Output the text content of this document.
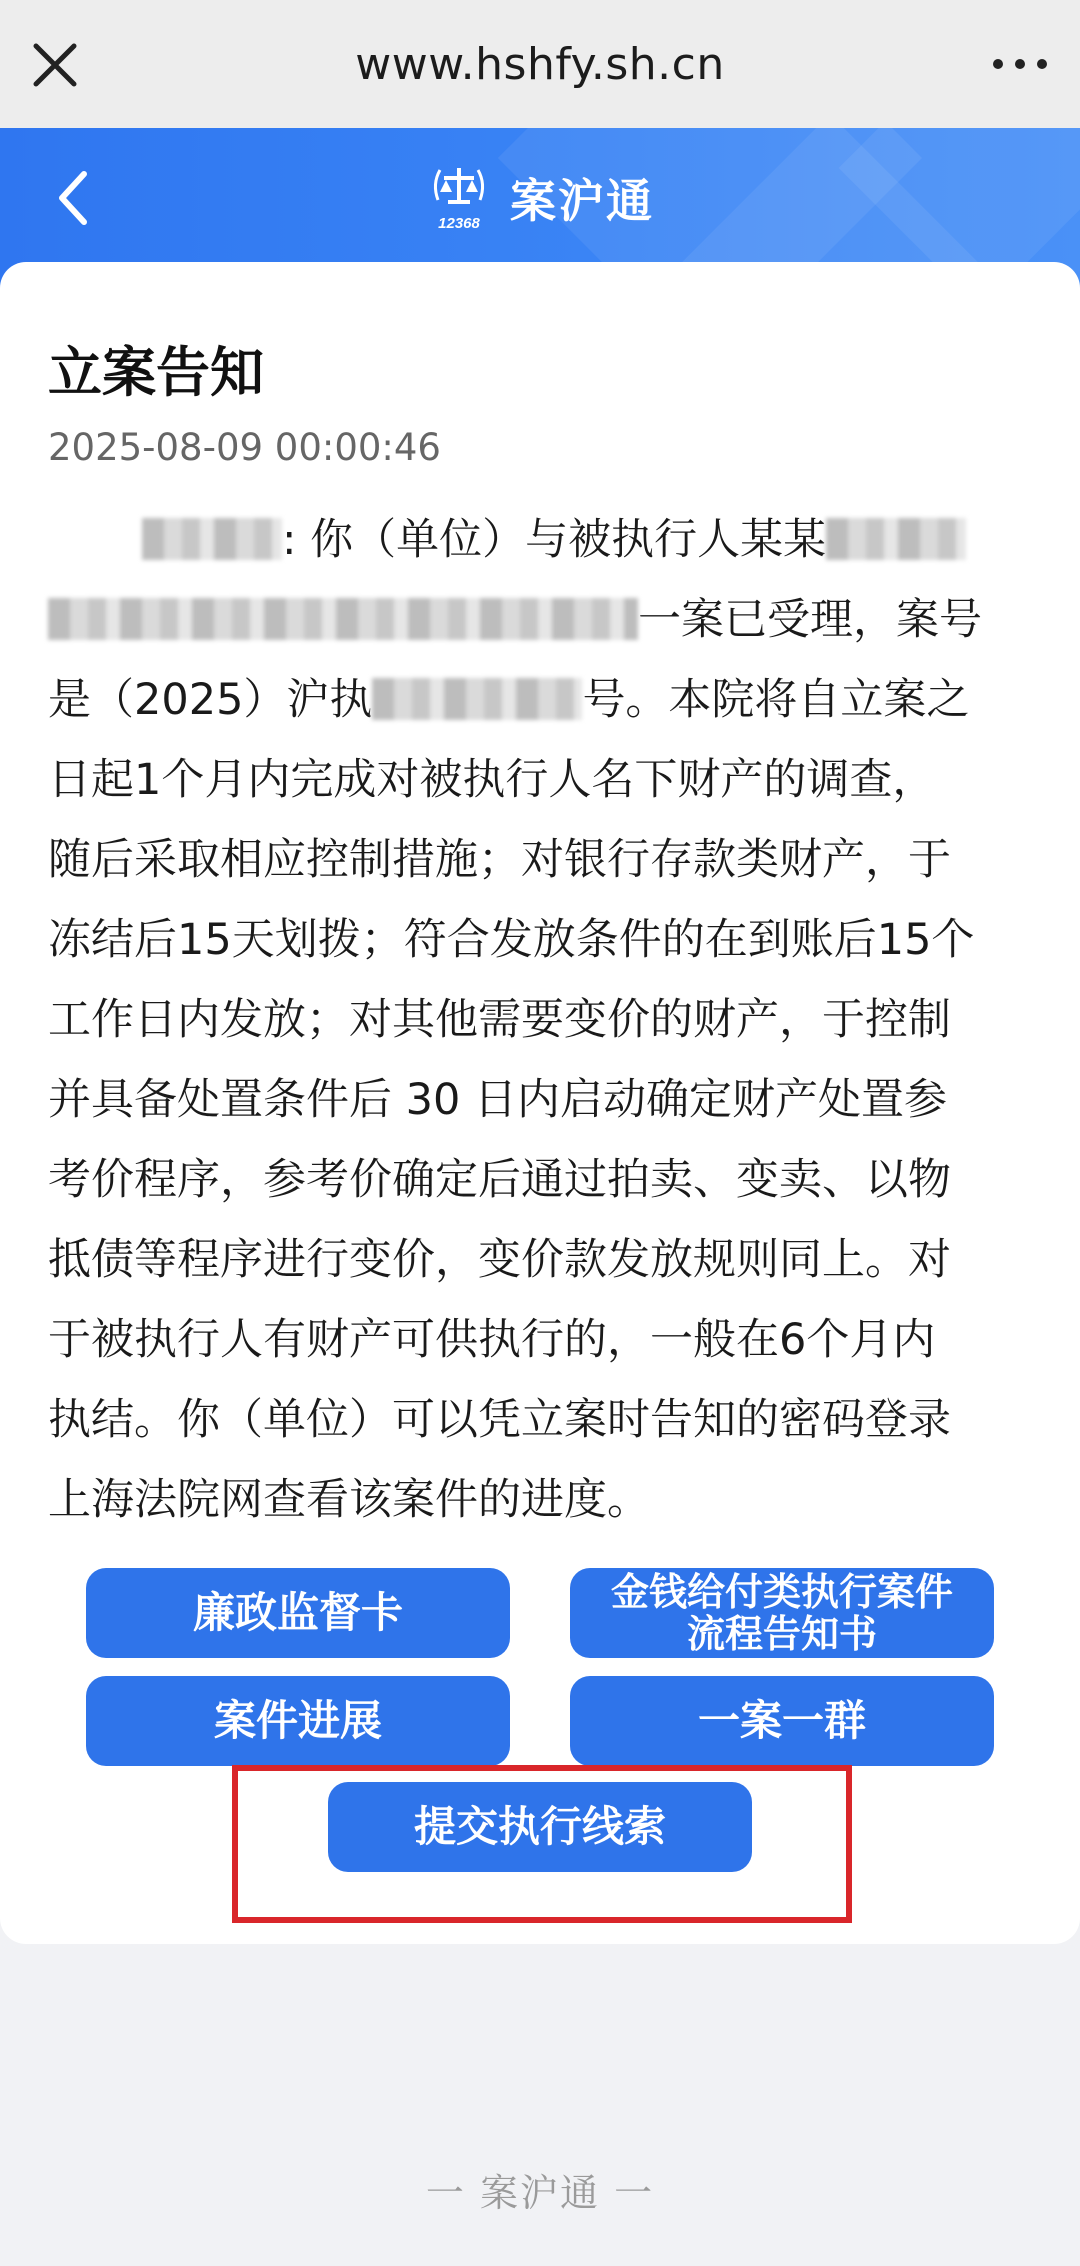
www.hshfy.sh.cn
12368 案沪通
立案告知
2025-08-09 00:00:46
: 你（单位）与被执行人某某
一案已受理，案号
是（2025）沪执	号。本院将自立案之
日起1个月内完成对被执行人名下财产的调查，
随后采取相应控制措施；对银行存款类财产，于
冻结后15天划拨；符合发放条件的在到账后15个
工作日内发放；对其他需要变价的财产，于控制
并具备处置条件后 30 日内启动确定财产处置参
考价程序，参考价确定后通过拍卖、变卖、以物
抵债等程序进行变价，变价款发放规则同上。对
于被执行人有财产可供执行的，一般在6个月内
执结。你（单位）可以凭立案时告知的密码登录
上海法院网查看该案件的进度。
廉政监督卡	金钱给付类执行案件流程告知书
案件进展	一案一群
提交执行线索
一 案沪通 一
